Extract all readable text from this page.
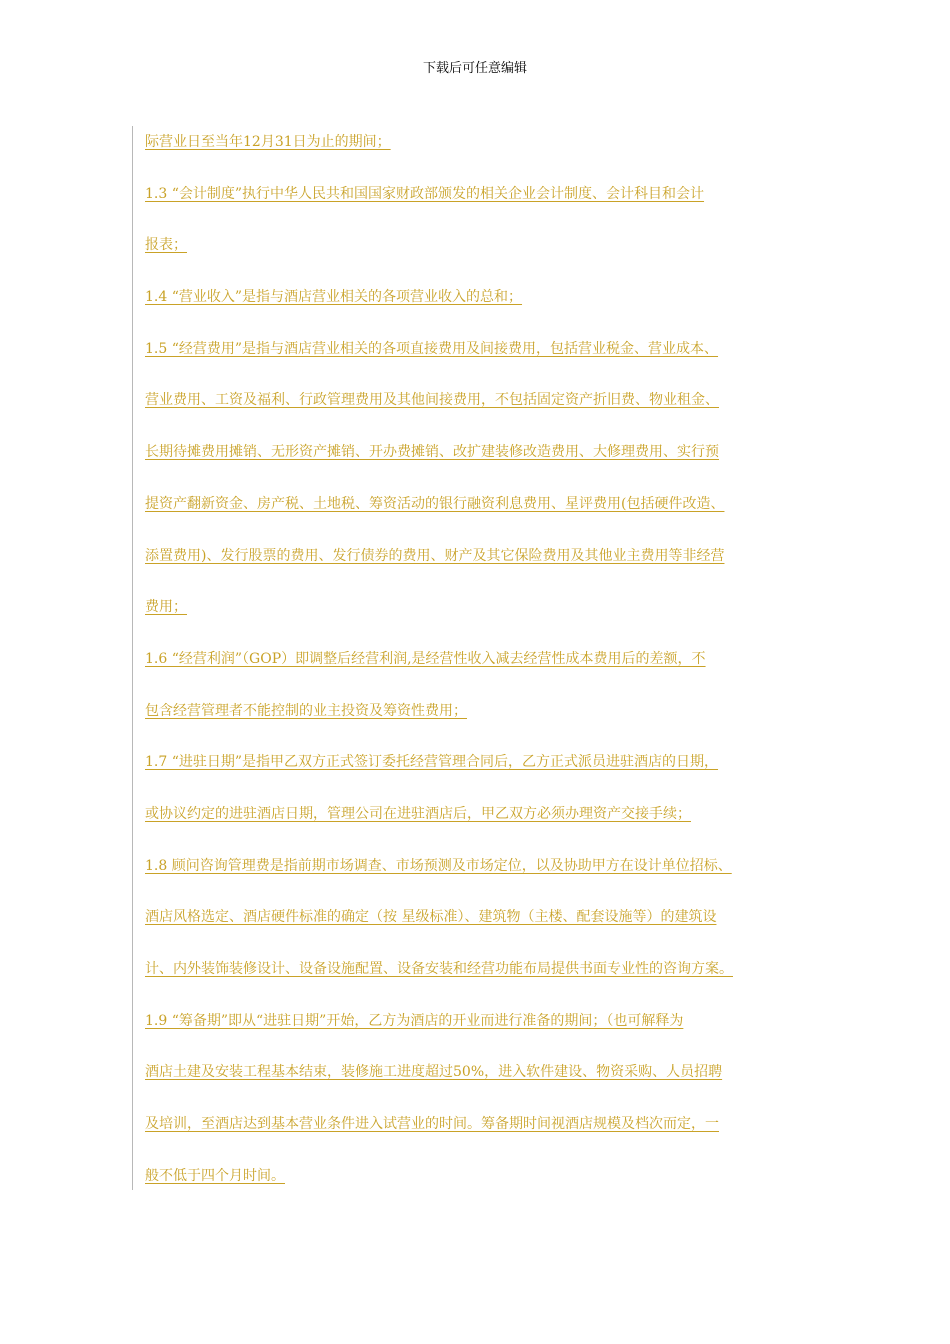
下载后可任意编辑
际营业日至当年12月31日为止的期间；
1.3 “会计制度”执行中华人民共和国国家财政部颁发的相关企业会计制度、会计科目和会计
报表；
1.4 “营业收入”是指与酒店营业相关的各项营业收入的总和；
1.5 “经营费用”是指与酒店营业相关的各项直接费用及间接费用，包括营业税金、营业成本、
营业费用、工资及福利、行政管理费用及其他间接费用，不包括固定资产折旧费、物业租金、
长期待摊费用摊销、无形资产摊销、开办费摊销、改扩建装修改造费用、大修理费用、实行预
提资产翻新资金、房产税、土地税、筹资活动的银行融资利息费用、星评费用(包括硬件改造、
添置费用)、发行股票的费用、发行债券的费用、财产及其它保险费用及其他业主费用等非经营
费用；
1.6 “经营利润”（GOP）即调整后经营利润,是经营性收入减去经营性成本费用后的差额，不
包含经营管理者不能控制的业主投资及筹资性费用；
1.7 “进驻日期”是指甲乙双方正式签订委托经营管理合同后，乙方正式派员进驻酒店的日期，
或协议约定的进驻酒店日期，管理公司在进驻酒店后，甲乙双方必须办理资产交接手续；
1.8 顾问咨询管理费是指前期市场调查、市场预测及市场定位，以及协助甲方在设计单位招标、
酒店风格选定、酒店硬件标准的确定（按 星级标准）、建筑物（主楼、配套设施等）的建筑设
计、内外装饰装修设计、设备设施配置、设备安装和经营功能布局提供书面专业性的咨询方案。
1.9 “筹备期”即从“进驻日期”开始，乙方为酒店的开业而进行准备的期间；（也可解释为
酒店土建及安装工程基本结束，装修施工进度超过50%，进入软件建设、物资采购、人员招聘
及培训，至酒店达到基本营业条件进入试营业的时间。筹备期时间视酒店规模及档次而定，一
般不低于四个月时间。
